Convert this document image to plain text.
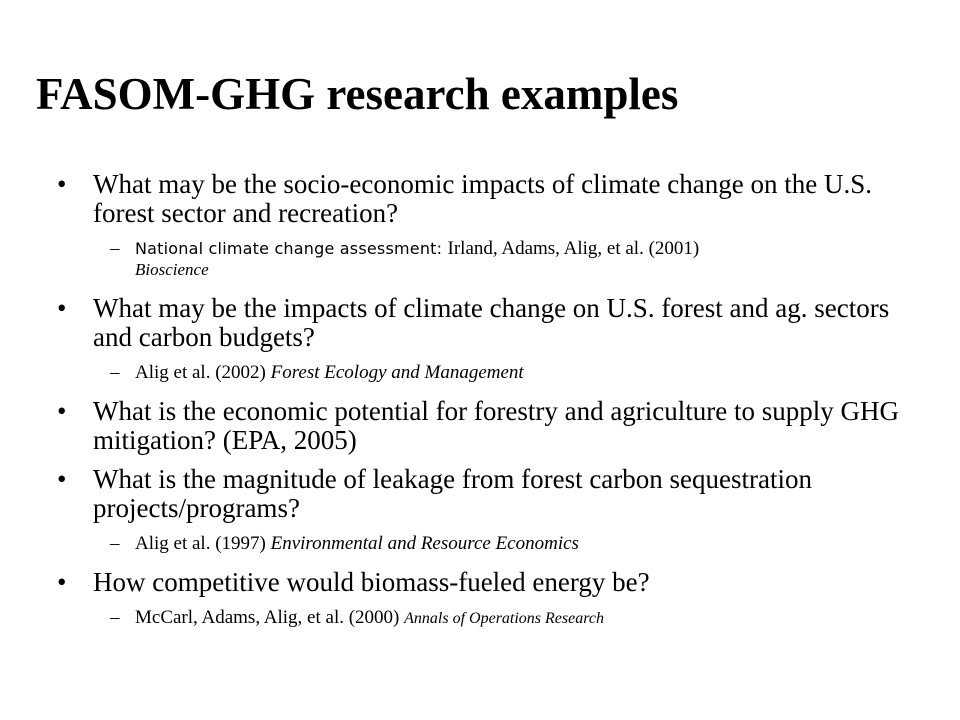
FASOM-GHG research examples
• What may be the socio-economic impacts of climate change on the U.S. forest sector and recreation?
– National climate change assessment: Irland, Adams, Alig, et al. (2001)
Bioscience
• What may be the impacts of climate change on U.S. forest and ag. sectors and carbon budgets?
– Alig et al. (2002) Forest Ecology and Management
• What is the economic potential for forestry and agriculture to supply GHG mitigation? (EPA, 2005)
• What is the magnitude of leakage from forest carbon sequestration projects/programs?
– Alig et al. (1997) Environmental and Resource Economics
• How competitive would biomass-fueled energy be?
– McCarl, Adams, Alig, et al. (2000) Annals of Operations Research
